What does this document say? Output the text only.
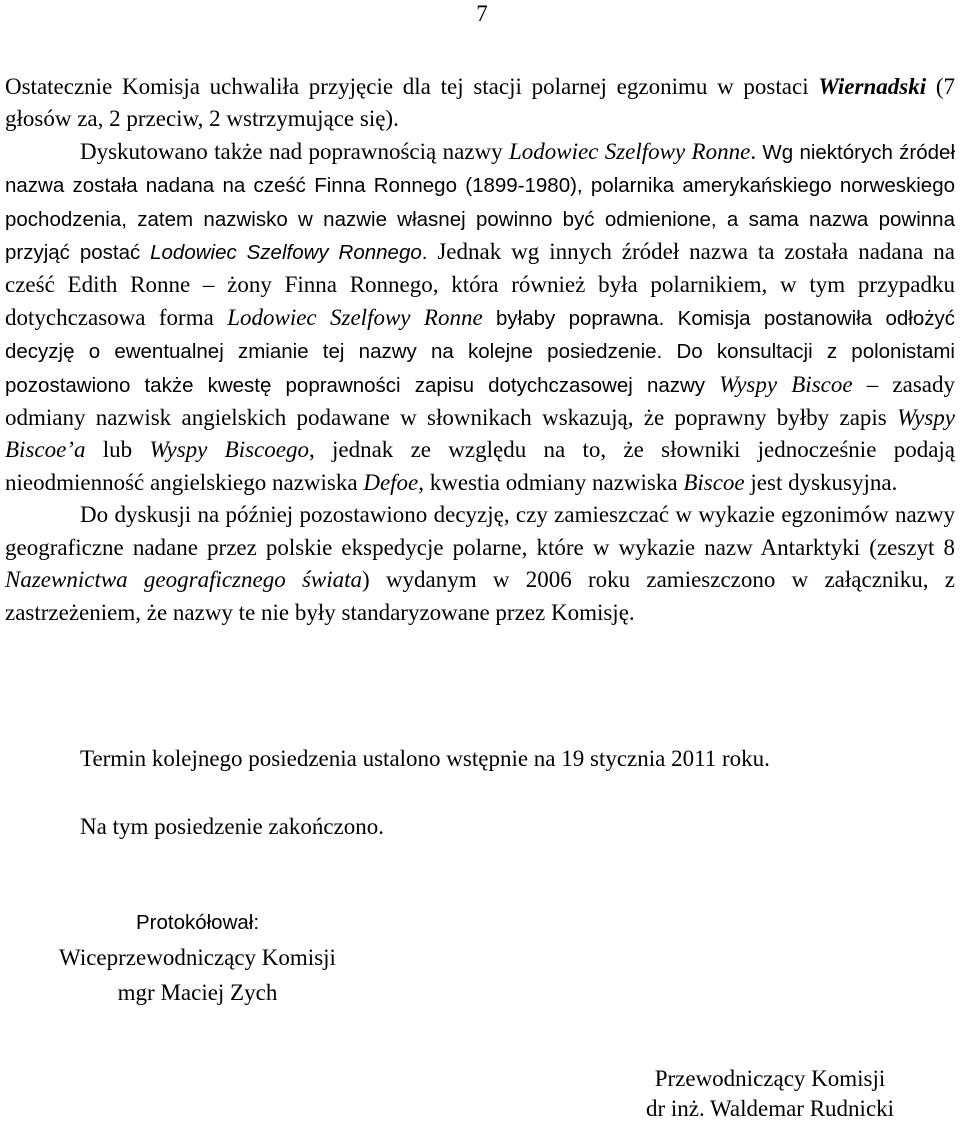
7

Ostatecznie Komisja uchwaliła przyjęcie dla tej stacji polarnej egzonimu w postaci Wiernadski (7 głosów za, 2 przeciw, 2 wstrzymujące się).

Dyskutowano także nad poprawnością nazwy Lodowiec Szelfowy Ronne. Wg niektórych źródeł nazwa została nadana na cześć Finna Ronnego (1899-1980), polarnika amerykańskiego norweskiego pochodzenia, zatem nazwisko w nazwie własnej powinno być odmienione, a sama nazwa powinna przyjąć postać Lodowiec Szelfowy Ronnego. Jednak wg innych źródeł nazwa ta została nadana na cześć Edith Ronne – żony Finna Ronnego, która również była polarnikiem, w tym przypadku dotychczasowa forma Lodowiec Szelfowy Ronne byłaby poprawna. Komisja postanowiła odłożyć decyzję o ewentualnej zmianie tej nazwy na kolejne posiedzenie. Do konsultacji z polonistami pozostawiono także kwestę poprawności zapisu dotychczasowej nazwy Wyspy Biscoe – zasady odmiany nazwisk angielskich podawane w słownikach wskazują, że poprawny byłby zapis Wyspy Biscoe’a lub Wyspy Biscoego, jednak ze względu na to, że słowniki jednocześnie podają nieodmienność angielskiego nazwiska Defoe, kwestia odmiany nazwiska Biscoe jest dyskusyjna.

Do dyskusji na później pozostawiono decyzję, czy zamieszczać w wykazie egzonimów nazwy geograficzne nadane przez polskie ekspedycje polarne, które w wykazie nazw Antarktyki (zeszyt 8 Nazewnictwa geograficznego świata) wydanym w 2006 roku zamieszczono w załączniku, z zastrzeżeniem, że nazwy te nie były standaryzowane przez Komisję.

Termin kolejnego posiedzenia ustalono wstępnie na 19 stycznia 2011 roku.
Na tym posiedzenie zakończono.
Protokółował:
Wiceprzewodniczący Komisji
mgr Maciej Zych
Przewodniczący Komisji
dr inż. Waldemar Rudnicki
